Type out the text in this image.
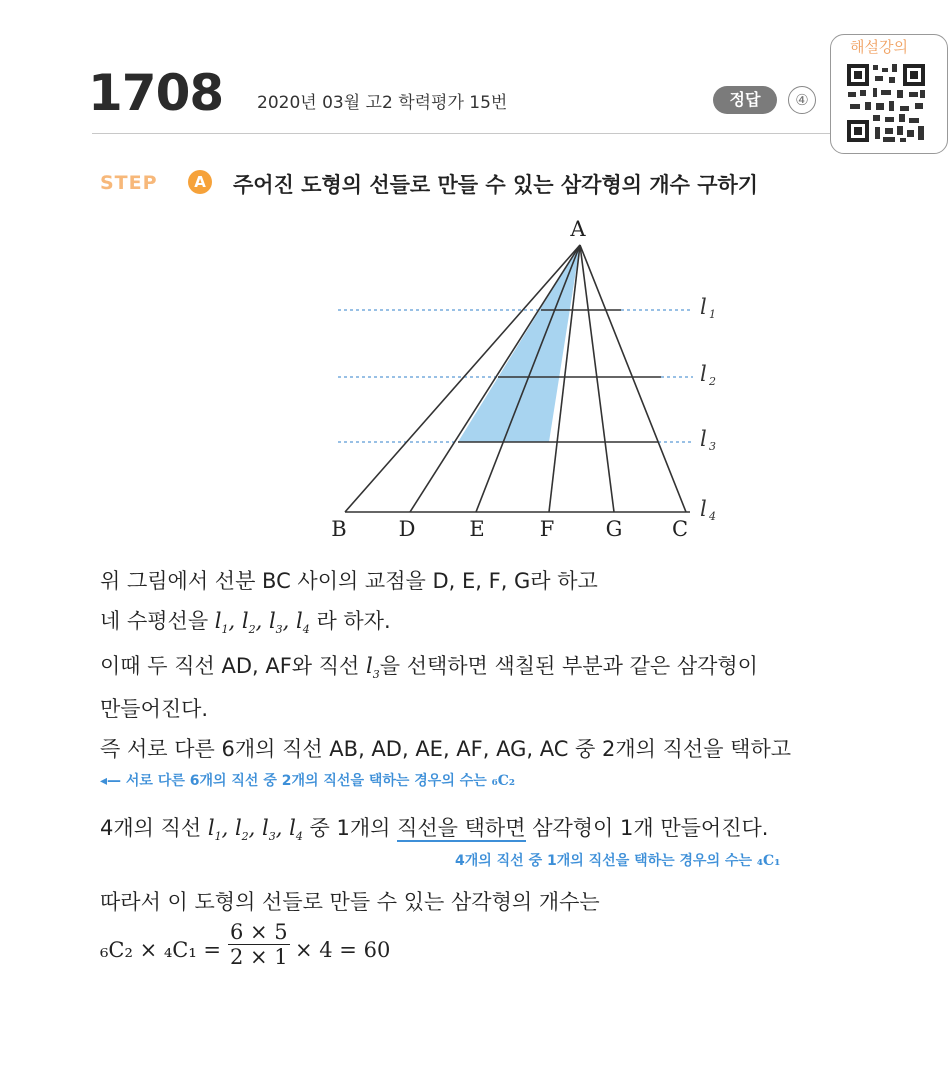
1708 2020년 03월 고2 학력평가 15번	정답	④
해설강의
STEP	A 주어진 도형의 선들로 만들 수 있는 삼각형의 개수 구하기
A
B D	E	F G C
l 1
l 2
l 3
l 4
위 그림에서 선분 BC 사이의 교점을 D, E, F, G라 하고
네 수평선을 $l_1$, $l_2$, $l_3$, $l_4$ 라 하자.
이때 두 직선 AD, AF와 직선 $l_3$을 선택하면 색칠된 부분과 같은 삼각형이
만들어진다.
즉 서로 다른 6개의 직선 AB, AD, AE, AF, AG, AC 중 2개의 직선을 택하고
◂— 서로 다른 6개의 직선 중 2개의 직선을 택하는 경우의 수는 ₆C₂
4개의 직선 $l_1$, $l_2$, $l_3$, $l_4$ 중 1개의 직선을 택하면 삼각형이 1개 만들어진다.
4개의 직선 중 1개의 직선을 택하는 경우의 수는 ₄C₁
따라서 이 도형의 선들로 만들 수 있는 삼각형의 개수는
$_6C_2 \times _4C_1 = \frac{6 \times 5}{2 \times 1} \times 4 = 60$
